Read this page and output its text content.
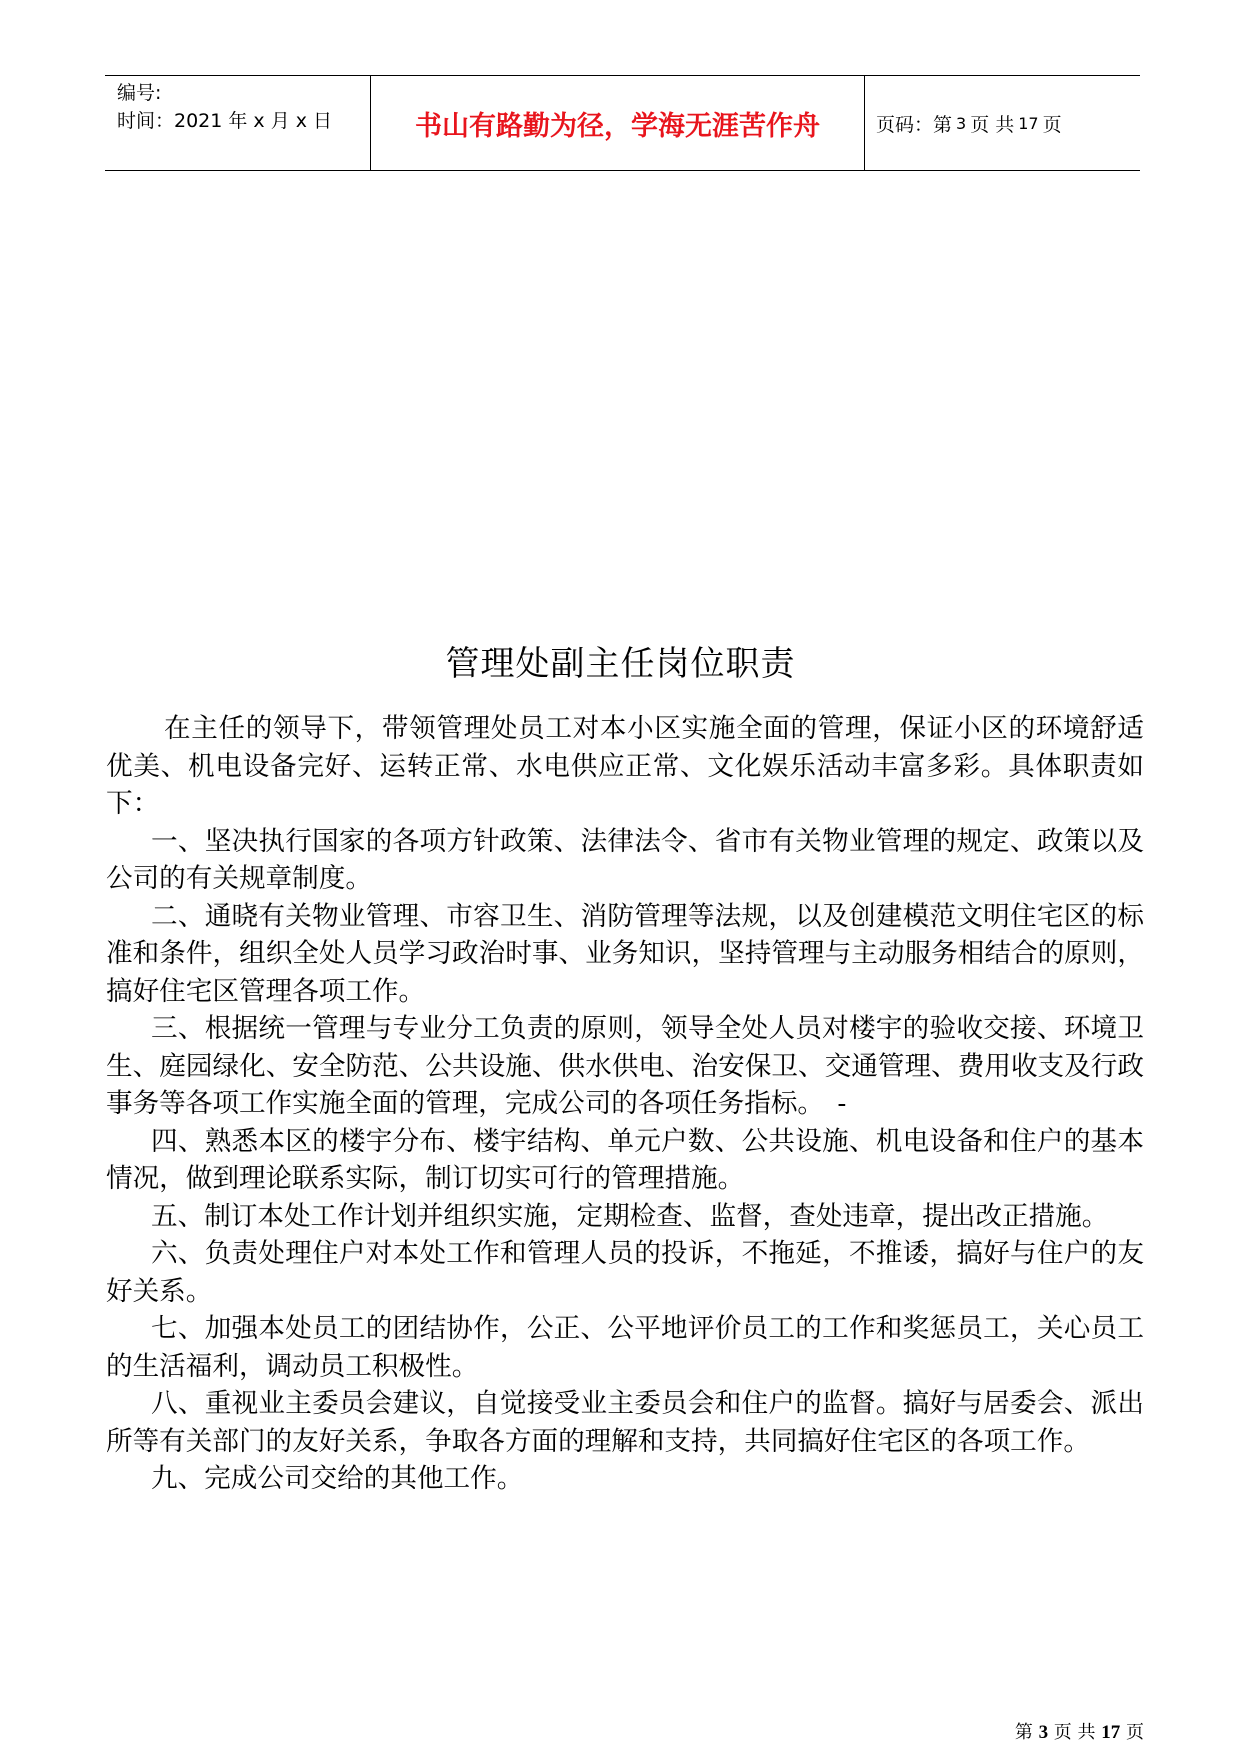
编号:
时间：2021 年 x 月 x 日	书山有路勤为径，学海无涯苦作舟	页码：第 3 页 共 17 页
管理处副主任岗位职责

在主任的领导下，带领管理处员工对本小区实施全面的管理，保证小区的环境舒适优美、机电设备完好、运转正常、水电供应正常、文化娱乐活动丰富多彩。具体职责如下：

一、坚决执行国家的各项方针政策、法律法令、省市有关物业管理的规定、政策以及公司的有关规章制度。

二、通晓有关物业管理、市容卫生、消防管理等法规，以及创建模范文明住宅区的标准和条件，组织全处人员学习政治时事、业务知识，坚持管理与主动服务相结合的原则，搞好住宅区管理各项工作。

三、根据统一管理与专业分工负责的原则，领导全处人员对楼宇的验收交接、环境卫生、庭园绿化、安全防范、公共设施、供水供电、治安保卫、交通管理、费用收支及行政事务等各项工作实施全面的管理，完成公司的各项任务指标。　-

四、熟悉本区的楼宇分布、楼宇结构、单元户数、公共设施、机电设备和住户的基本情况，做到理论联系实际，制订切实可行的管理措施。

五、制订本处工作计划并组织实施，定期检查、监督，查处违章，提出改正措施。

六、负责处理住户对本处工作和管理人员的投诉，不拖延，不推诿，搞好与住户的友好关系。

七、加强本处员工的团结协作，公正、公平地评价员工的工作和奖惩员工，关心员工的生活福利，调动员工积极性。

八、重视业主委员会建议，自觉接受业主委员会和住户的监督。搞好与居委会、派出所等有关部门的友好关系，争取各方面的理解和支持，共同搞好住宅区的各项工作。

九、完成公司交给的其他工作。

第 3 页 共 17 页
